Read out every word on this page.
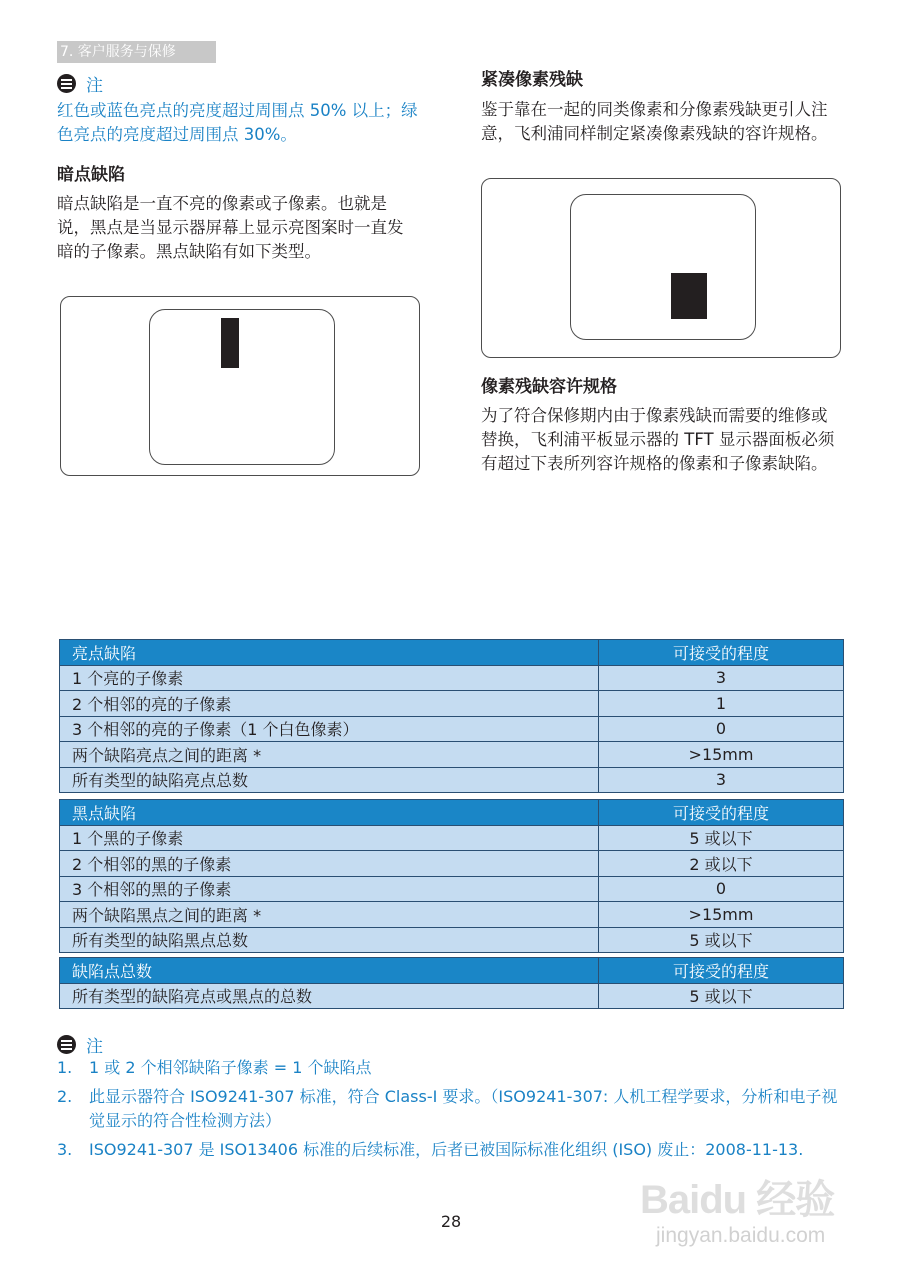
7. 客户服务与保修
注
红色或蓝色亮点的亮度超过周围点 50% 以上；绿色亮点的亮度超过周围点 30%。
暗点缺陷
暗点缺陷是一直不亮的像素或子像素。也就是说，黑点是当显示器屏幕上显示亮图案时一直发暗的子像素。黑点缺陷有如下类型。
紧凑像素残缺
鉴于靠在一起的同类像素和分像素残缺更引人注意，飞利浦同样制定紧凑像素残缺的容许规格。
像素残缺容许规格
为了符合保修期内由于像素残缺而需要的维修或替换，飞利浦平板显示器的 TFT 显示器面板必须有超过下表所列容许规格的像素和子像素缺陷。
亮点缺陷	可接受的程度
1 个亮的子像素	3
2 个相邻的亮的子像素	1
3 个相邻的亮的子像素（1 个白色像素）	0
两个缺陷亮点之间的距离 *	>15mm
所有类型的缺陷亮点总数	3
黑点缺陷	可接受的程度
1 个黑的子像素	5 或以下
2 个相邻的黑的子像素	2 或以下
3 个相邻的黑的子像素	0
两个缺陷黑点之间的距离 *	>15mm
所有类型的缺陷黑点总数	5 或以下
缺陷点总数	可接受的程度
所有类型的缺陷亮点或黑点的总数	5 或以下
注
1.	1 或 2 个相邻缺陷子像素 = 1 个缺陷点
2.	此显示器符合 ISO9241-307 标准，符合 Class-I 要求。（ISO9241-307: 人机工程学要求，分析和电子视觉显示的符合性检测方法）
3.	ISO9241-307 是 ISO13406 标准的后续标准，后者已被国际标准化组织 (ISO) 废止：2008-11-13.
28	Baidu 经验
jingyan.baidu.com
